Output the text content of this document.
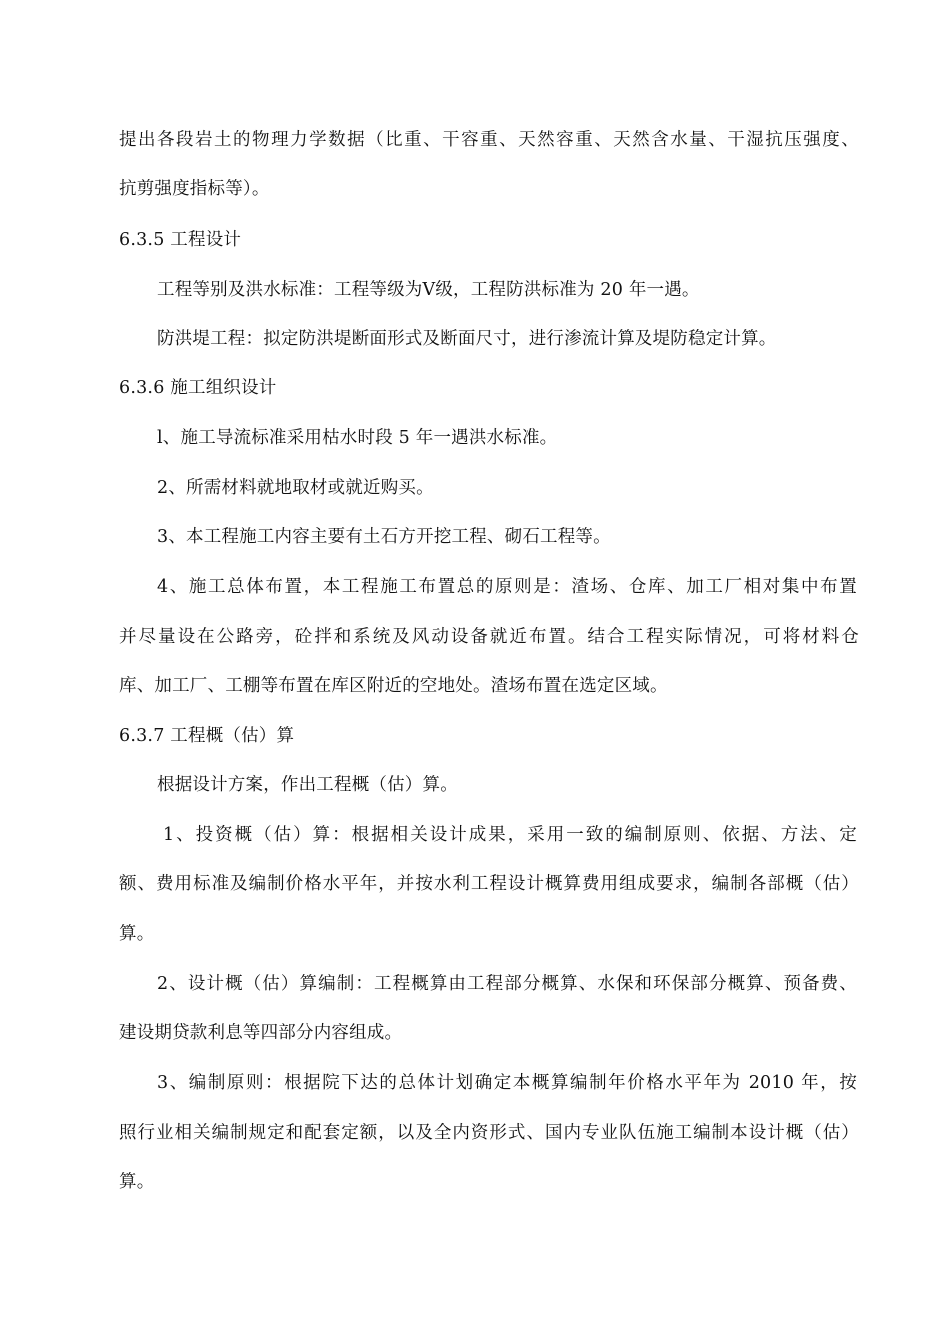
提出各段岩土的物理力学数据（比重、干容重、天然容重、天然含水量、干湿抗压强度、
抗剪强度指标等）。
6.3.5 工程设计
工程等别及洪水标准：工程等级为Ⅴ级，工程防洪标准为 20 年一遇。
防洪堤工程：拟定防洪堤断面形式及断面尺寸，进行渗流计算及堤防稳定计算。
6.3.6 施工组织设计
l、施工导流标准采用枯水时段 5 年一遇洪水标准。
2、所需材料就地取材或就近购买。
3、本工程施工内容主要有土石方开挖工程、砌石工程等。
4、施工总体布置，本工程施工布置总的原则是：渣场、仓库、加工厂相对集中布置
并尽量设在公路旁，砼拌和系统及风动设备就近布置。结合工程实际情况，可将材料仓
库、加工厂、工棚等布置在库区附近的空地处。渣场布置在选定区域。
6.3.7 工程概（估）算
根据设计方案，作出工程概（估）算。
1、投资概（估）算：根据相关设计成果，采用一致的编制原则、依据、方法、定
额、费用标准及编制价格水平年，并按水利工程设计概算费用组成要求，编制各部概（估）
算。
2、设计概（估）算编制：工程概算由工程部分概算、水保和环保部分概算、预备费、
建设期贷款利息等四部分内容组成。
3、编制原则：根据院下达的总体计划确定本概算编制年价格水平年为 2010 年，按
照行业相关编制规定和配套定额，以及全内资形式、国内专业队伍施工编制本设计概（估）
算。
